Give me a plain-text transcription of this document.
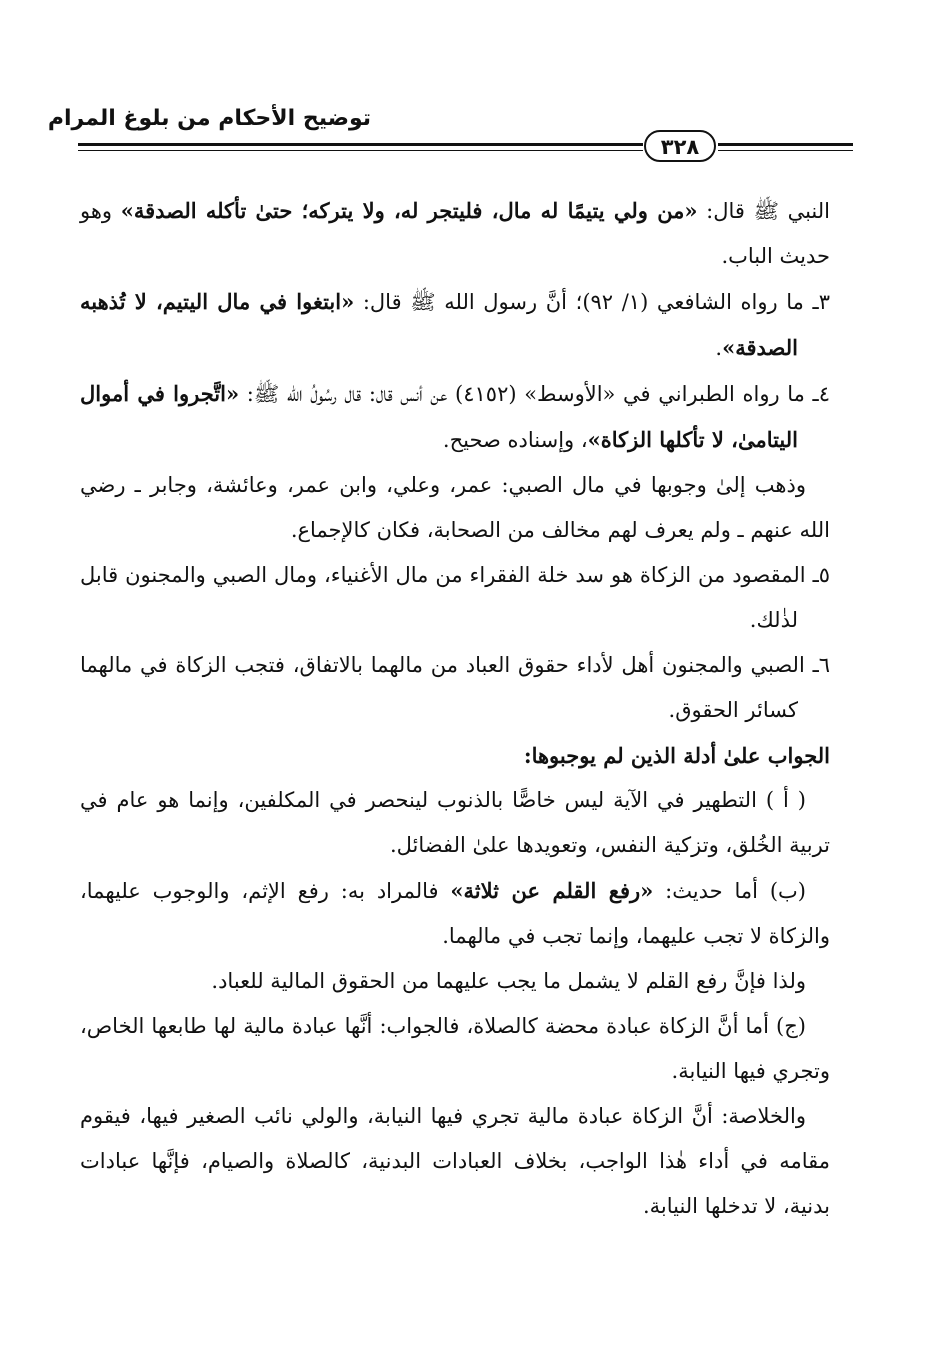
توضيح الأحكام من بلوغ المرام
٣٢٨

النبي ﷺ قال: «من ولي يتيمًا له مال، فليتجر له، ولا يتركه؛ حتىٰ تأكله الصدقة» وهو حديث الباب.

٣ـ ما رواه الشافعي (١/ ٩٢)؛ أنَّ رسول الله ﷺ قال: «ابتغوا في مال اليتيم، لا تُذهبه الصدقة».

٤ـ ما رواه الطبراني في «الأوسط» (٤١٥٢) عن أنس قال: قال رسُولُ الله ﷺ: «اتَّجروا في أموال اليتامىٰ، لا تأكلها الزكاة»، وإسناده صحيح.

وذهب إلىٰ وجوبها في مال الصبي: عمر، وعلي، وابن عمر، وعائشة، وجابر ـ رضي الله عنهم ـ ولم يعرف لهم مخالف من الصحابة، فكان كالإجماع.

٥ـ المقصود من الزكاة هو سد خلة الفقراء من مال الأغنياء، ومال الصبي والمجنون قابل لذٰلك.

٦ـ الصبي والمجنون أهل لأداء حقوق العباد من مالهما بالاتفاق، فتجب الزكاة في مالهما كسائر الحقوق.

الجواب علىٰ أدلة الذين لم يوجبوها:

( أ ) التطهير في الآية ليس خاصًّا بالذنوب لينحصر في المكلفين، وإنما هو عام في تربية الخُلق، وتزكية النفس، وتعويدها علىٰ الفضائل.

(ب) أما حديث: «رفع القلم عن ثلاثة» فالمراد به: رفع الإثم، والوجوب عليهما، والزكاة لا تجب عليهما، وإنما تجب في مالهما.

ولذا فإنَّ رفع القلم لا يشمل ما يجب عليهما من الحقوق المالية للعباد.

(ج) أما أنَّ الزكاة عبادة محضة كالصلاة، فالجواب: أنَّها عبادة مالية لها طابعها الخاص، وتجري فيها النيابة.

والخلاصة: أنَّ الزكاة عبادة مالية تجري فيها النيابة، والولي نائب الصغير فيها، فيقوم مقامه في أداء هٰذا الواجب، بخلاف العبادات البدنية، كالصلاة والصيام، فإنَّها عبادات بدنية، لا تدخلها النيابة.
